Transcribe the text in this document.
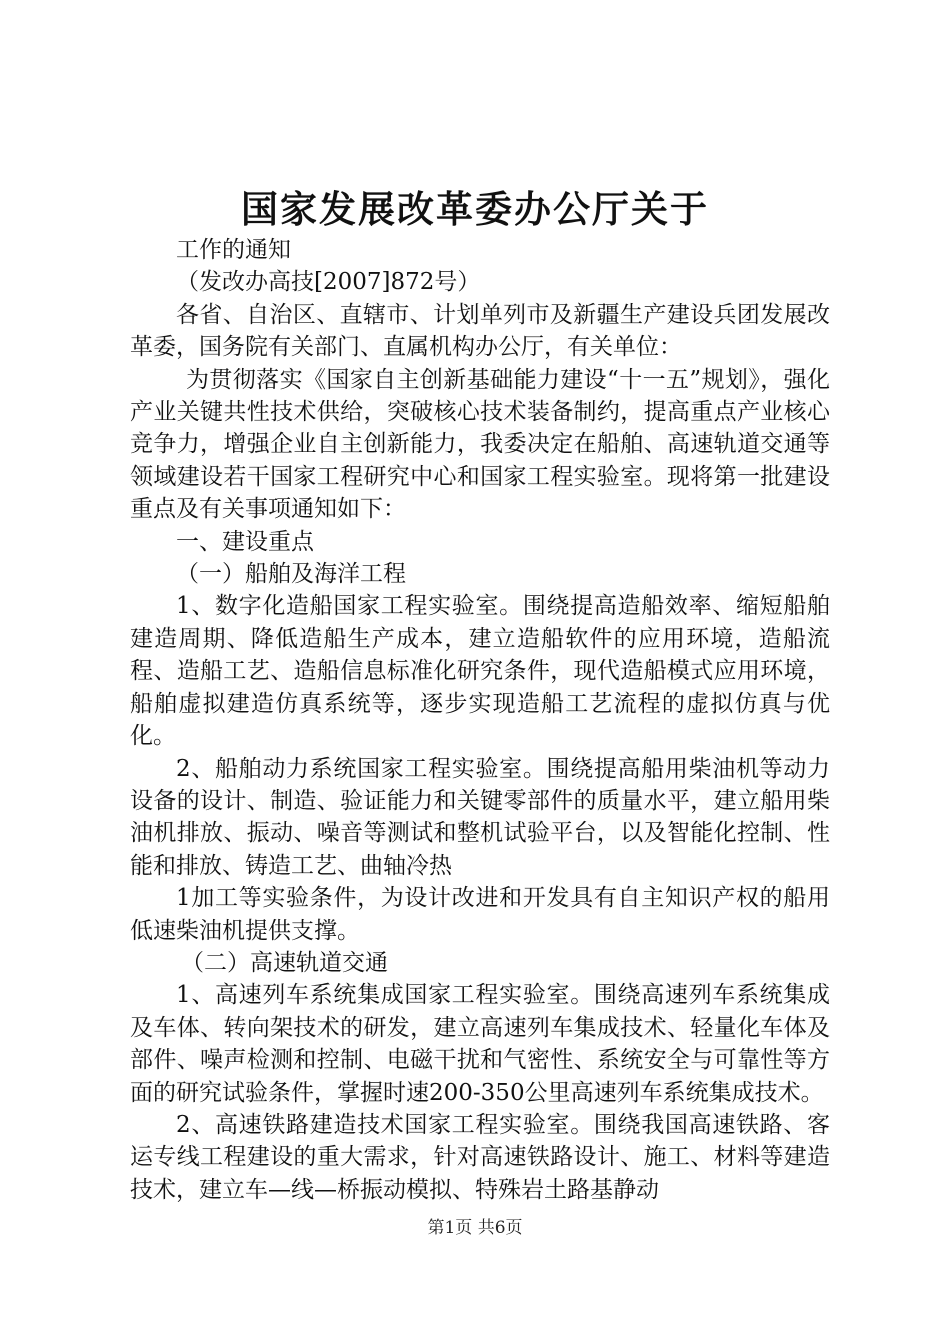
国家发展改革委办公厅关于

工作的通知

（发改办高技[2007]872号）

各省、自治区、直辖市、计划单列市及新疆生产建设兵团发展改革委，国务院有关部门、直属机构办公厅，有关单位：

为贯彻落实《国家自主创新基础能力建设“十一五”规划》，强化产业关键共性技术供给，突破核心技术装备制约，提高重点产业核心竞争力，增强企业自主创新能力，我委决定在船舶、高速轨道交通等领域建设若干国家工程研究中心和国家工程实验室。现将第一批建设重点及有关事项通知如下：

一、建设重点

（一）船舶及海洋工程

1、数字化造船国家工程实验室。围绕提高造船效率、缩短船舶建造周期、降低造船生产成本，建立造船软件的应用环境，造船流程、造船工艺、造船信息标准化研究条件，现代造船模式应用环境，船舶虚拟建造仿真系统等，逐步实现造船工艺流程的虚拟仿真与优化。

2、船舶动力系统国家工程实验室。围绕提高船用柴油机等动力设备的设计、制造、验证能力和关键零部件的质量水平，建立船用柴油机排放、振动、噪音等测试和整机试验平台，以及智能化控制、性能和排放、铸造工艺、曲轴冷热

1加工等实验条件，为设计改进和开发具有自主知识产权的船用低速柴油机提供支撑。

（二）高速轨道交通

1、高速列车系统集成国家工程实验室。围绕高速列车系统集成及车体、转向架技术的研发，建立高速列车集成技术、轻量化车体及部件、噪声检测和控制、电磁干扰和气密性、系统安全与可靠性等方面的研究试验条件，掌握时速200-350公里高速列车系统集成技术。

2、高速铁路建造技术国家工程实验室。围绕我国高速铁路、客运专线工程建设的重大需求，针对高速铁路设计、施工、材料等建造技术，建立车—线—桥振动模拟、特殊岩土路基静动

第1页 共6页
